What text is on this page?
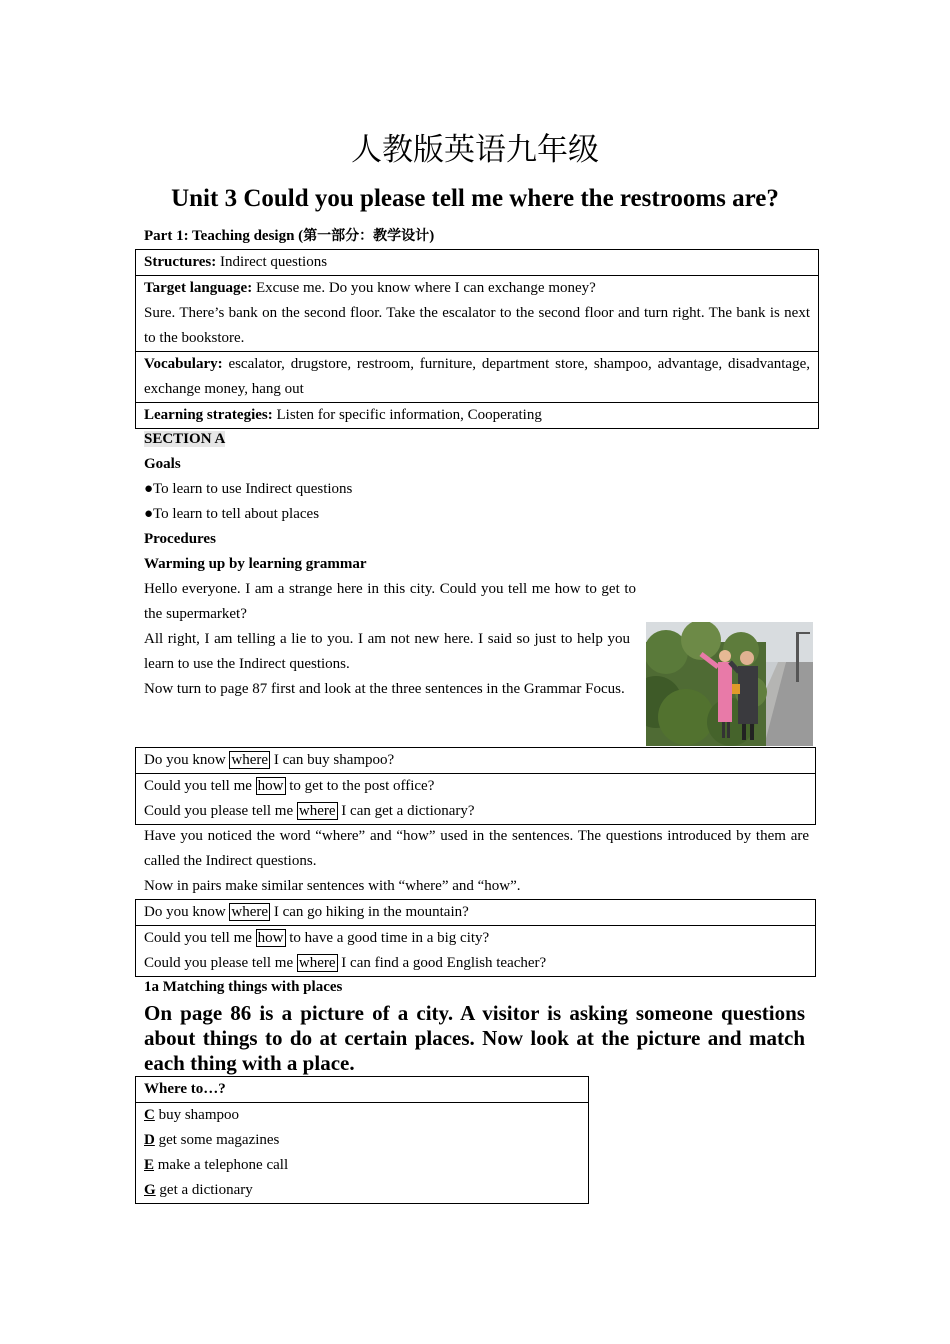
人教版英语九年级
Unit 3 Could you please tell me where the restrooms are?
Part 1: Teaching design (第一部分：教学设计)
Structures: Indirect questions
Target language: Excuse me. Do you know where I can exchange money?
Sure. There’s bank on the second floor. Take the escalator to the second floor and turn right. The bank is next to the bookstore.
Vocabulary: escalator, drugstore, restroom, furniture, department store, shampoo, advantage, disadvantage, exchange money, hang out
Learning strategies: Listen for specific information, Cooperating
SECTION A
Goals
●To learn to use Indirect questions
●To learn to tell about places
Procedures
Warming up by learning grammar
Hello everyone. I am a strange here in this city. Could you tell me how to get to the supermarket?
All right, I am telling a lie to you. I am not new here. I said so just to help you learn to use the Indirect questions.
Now turn to page 87 first and look at the three sentences in the Grammar Focus.
Do you know where I can buy shampoo?
Could you tell me how to get to the post office?
Could you please tell me where I can get a dictionary?
Have you noticed the word “where” and “how” used in the sentences. The questions introduced by them are called the Indirect questions.
Now in pairs make similar sentences with “where” and “how”.
Do you know where I can go hiking in the mountain?
Could you tell me how to have a good time in a big city?
Could you please tell me where I can find a good English teacher?
1a Matching things with places
On page 86 is a picture of a city. A visitor is asking someone questions about things to do at certain places. Now look at the picture and match each thing with a place.
Where to…?

C buy shampoo
D get some magazines
E make a telephone call
G get a dictionary
